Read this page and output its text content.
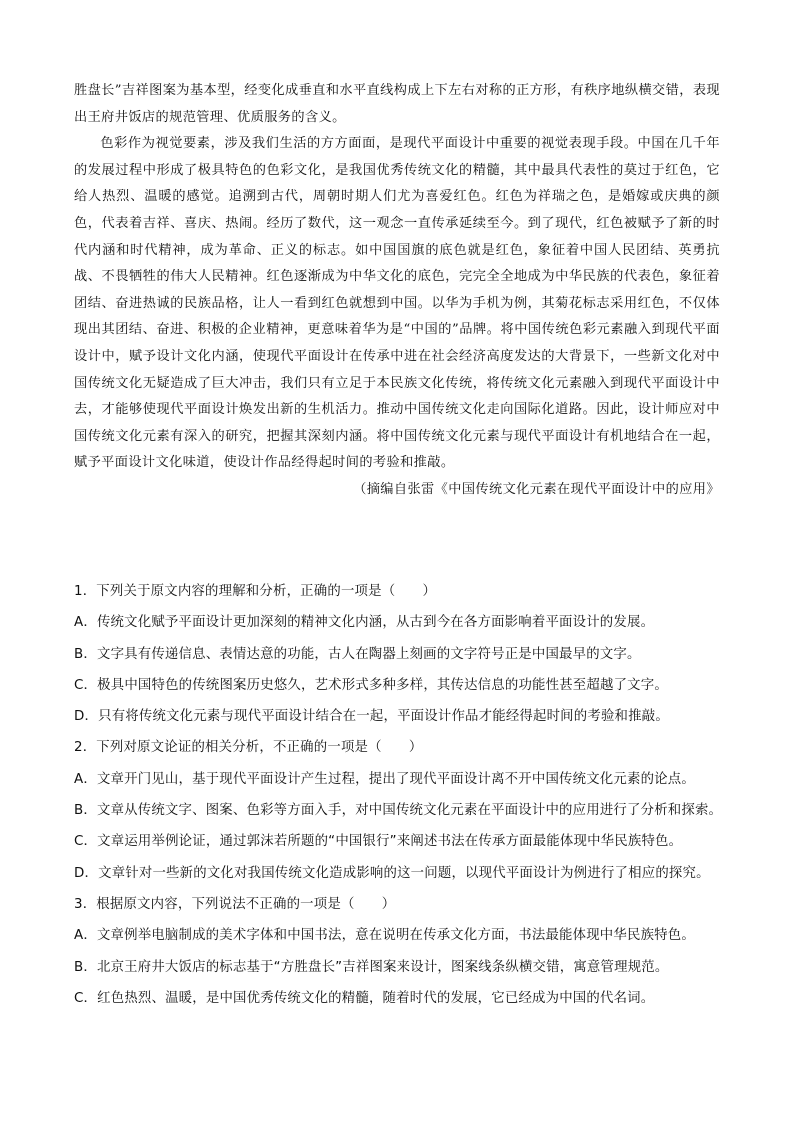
胜盘长”吉祥图案为基本型，经变化成垂直和水平直线构成上下左右对称的正方形，有秩序地纵横交错，表现出王府井饭店的规范管理、优质服务的含义。

色彩作为视觉要素，涉及我们生活的方方面面，是现代平面设计中重要的视觉表现手段。中国在几千年的发展过程中形成了极具特色的色彩文化，是我国优秀传统文化的精髓，其中最具代表性的莫过于红色，它给人热烈、温暖的感觉。追溯到古代，周朝时期人们尤为喜爱红色。红色为祥瑞之色，是婚嫁或庆典的颜色，代表着吉祥、喜庆、热闹。经历了数代，这一观念一直传承延续至今。到了现代，红色被赋予了新的时代内涵和时代精神，成为革命、正义的标志。如中国国旗的底色就是红色，象征着中国人民团结、英勇抗战、不畏牺牲的伟大人民精神。红色逐渐成为中华文化的底色，完完全全地成为中华民族的代表色，象征着团结、奋进热诚的民族品格，让人一看到红色就想到中国。以华为手机为例，其菊花标志采用红色，不仅体现出其团结、奋进、积极的企业精神，更意味着华为是“中国的”品牌。将中国传统色彩元素融入到现代平面设计中，赋予设计文化内涵，使现代平面设计在传承中进在社会经济高度发达的大背景下，一些新文化对中国传统文化无疑造成了巨大冲击，我们只有立足于本民族文化传统，将传统文化元素融入到现代平面设计中去，才能够使现代平面设计焕发出新的生机活力。推动中国传统文化走向国际化道路。因此，设计师应对中国传统文化元素有深入的研究，把握其深刻内涵。将中国传统文化元素与现代平面设计有机地结合在一起，赋予平面设计文化味道，使设计作品经得起时间的考验和推敲。

（摘编自张雷《中国传统文化元素在现代平面设计中的应用》

1．下列关于原文内容的理解和分析，正确的一项是（　　）

A．传统文化赋予平面设计更加深刻的精神文化内涵，从古到今在各方面影响着平面设计的发展。

B．文字具有传递信息、表情达意的功能，古人在陶器上刻画的文字符号正是中国最早的文字。

C．极具中国特色的传统图案历史悠久，艺术形式多种多样，其传达信息的功能性甚至超越了文字。

D．只有将传统文化元素与现代平面设计结合在一起，平面设计作品才能经得起时间的考验和推敲。

2．下列对原文论证的相关分析，不正确的一项是（　　）

A．文章开门见山，基于现代平面设计产生过程，提出了现代平面设计离不开中国传统文化元素的论点。

B．文章从传统文字、图案、色彩等方面入手，对中国传统文化元素在平面设计中的应用进行了分析和探索。

C．文章运用举例论证，通过郭沫若所题的“中国银行”来阐述书法在传承方面最能体现中华民族特色。

D．文章针对一些新的文化对我国传统文化造成影响的这一问题，以现代平面设计为例进行了相应的探究。

3．根据原文内容，下列说法不正确的一项是（　　）

A．文章例举电脑制成的美术字体和中国书法，意在说明在传承文化方面，书法最能体现中华民族特色。

B．北京王府井大饭店的标志基于“方胜盘长”吉祥图案来设计，图案线条纵横交错，寓意管理规范。

C．红色热烈、温暖，是中国优秀传统文化的精髓，随着时代的发展，它已经成为中国的代名词。
